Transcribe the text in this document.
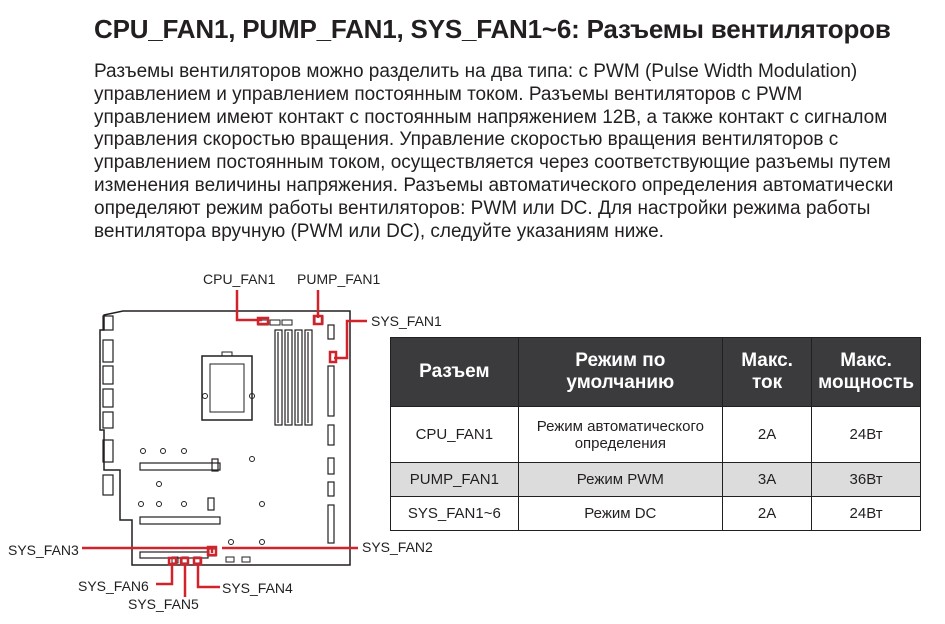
CPU_FAN1, PUMP_FAN1, SYS_FAN1~6: Разъемы вентиляторов

Разъемы вентиляторов можно разделить на два типа: с PWM (Pulse Width Modulation) управлением и управлением постоянным током. Разъемы вентиляторов с PWM управлением имеют контакт с постоянным напряжением 12В, а также контакт с сигналом управления скоростью вращения. Управление скоростью вращения вентиляторов с управлением постоянным током, осуществляется через соответствующие разъемы путем изменения величины напряжения. Разъемы автоматического определения автоматически определяют режим работы вентиляторов: PWM или DC. Для настройки режима работы вентилятора вручную (PWM или DC), следуйте указаниям ниже.

CPU_FAN1 PUMP_FAN1
SYS_FAN1
SYS_FAN2
SYS_FAN3
SYS_FAN4
SYS_FAN5
SYS_FAN6
Разъем	Режим по умолчанию	Макс. ток	Макс. мощность
CPU_FAN1	Режим автоматического определения	2A	24Вт
PUMP_FAN1	Режим PWM	3A	36Вт
SYS_FAN1~6	Режим DC	2A	24Вт
